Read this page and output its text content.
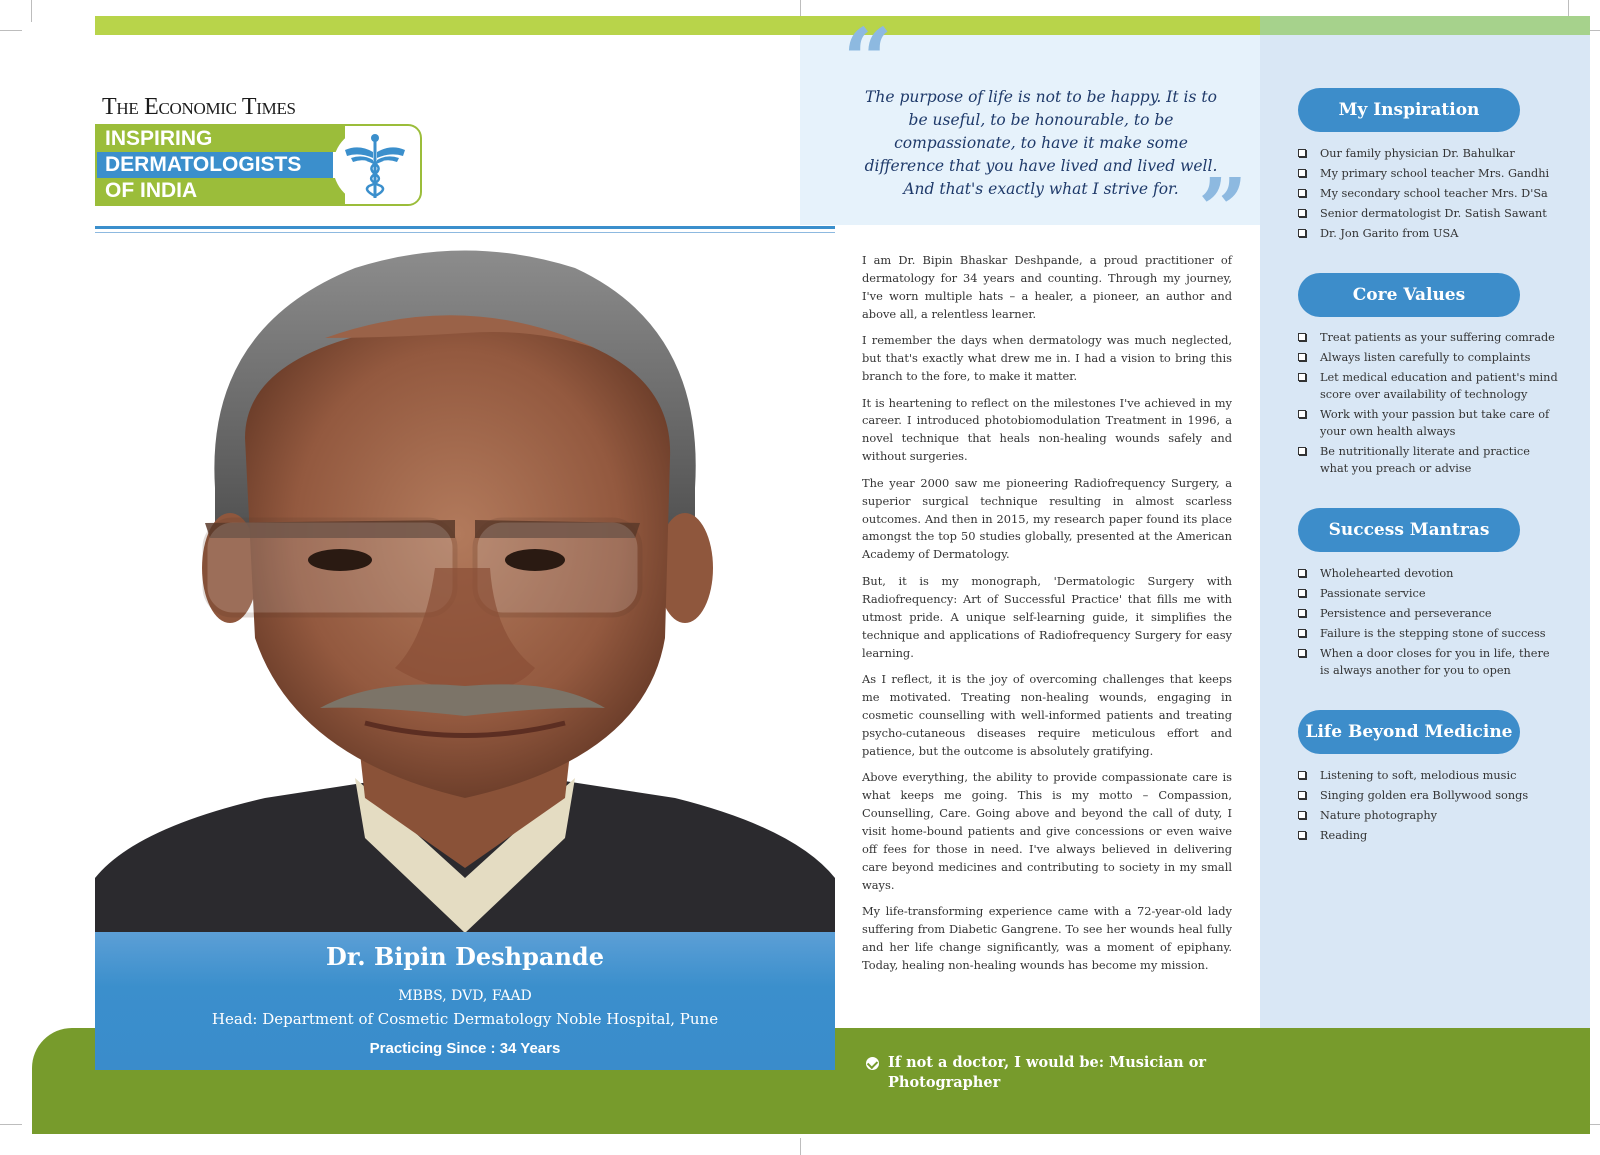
“
The purpose of life is not to be happy. It is to be useful, to be honourable, to be compassionate, to have it make some difference that you have lived and lived well. And that's exactly what I strive for. ”
The Economic Times
INSPIRING
DERMATOLOGISTS
OF INDIA
Dr. Bipin Deshpande
MBBS, DVD, FAAD
Head: Department of Cosmetic Dermatology Noble Hospital, Pune
Practicing Since : 34 Years
If not a doctor, I would be: Musician or Photographer

I am Dr. Bipin Bhaskar Deshpande, a proud practitioner of dermatology for 34 years and counting. Through my journey, I've worn multiple hats – a healer, a pioneer, an author and above all, a relentless learner.

I remember the days when dermatology was much neglected, but that's exactly what drew me in. I had a vision to bring this branch to the fore, to make it matter.

It is heartening to reflect on the milestones I've achieved in my career. I introduced photobiomodulation Treatment in 1996, a novel technique that heals non-healing wounds safely and without surgeries.

The year 2000 saw me pioneering Radiofrequency Surgery, a superior surgical technique resulting in almost scarless outcomes. And then in 2015, my research paper found its place amongst the top 50 studies globally, presented at the American Academy of Dermatology.

But, it is my monograph, 'Dermatologic Surgery with Radiofrequency: Art of Successful Practice' that fills me with utmost pride. A unique self-learning guide, it simplifies the technique and applications of Radiofrequency Surgery for easy learning.

As I reflect, it is the joy of overcoming challenges that keeps me motivated. Treating non-healing wounds, engaging in cosmetic counselling with well-informed patients and treating psycho-cutaneous diseases require meticulous effort and patience, but the outcome is absolutely gratifying.

Above everything, the ability to provide compassionate care is what keeps me going. This is my motto – Compassion, Counselling, Care. Going above and beyond the call of duty, I visit home-bound patients and give concessions or even waive off fees for those in need. I've always believed in delivering care beyond medicines and contributing to society in my small ways.

My life-transforming experience came with a 72-year-old lady suffering from Diabetic Gangrene. To see her wounds heal fully and her life change significantly, was a moment of epiphany. Today, healing non-healing wounds has become my mission.

My Inspiration
Our family physician Dr. Bahulkar
My primary school teacher Mrs. Gandhi
My secondary school teacher Mrs. D'Sa
Senior dermatologist Dr. Satish Sawant
Dr. Jon Garito from USA
Core Values
Treat patients as your suffering comrade
Always listen carefully to complaints
Let medical education and patient's mind score over availability of technology
Work with your passion but take care of your own health always
Be nutritionally literate and practice what you preach or advise
Success Mantras
Wholehearted devotion
Passionate service
Persistence and perseverance
Failure is the stepping stone of success
When a door closes for you in life, there is always another for you to open
Life Beyond Medicine
Listening to soft, melodious music
Singing golden era Bollywood songs
Nature photography
Reading
